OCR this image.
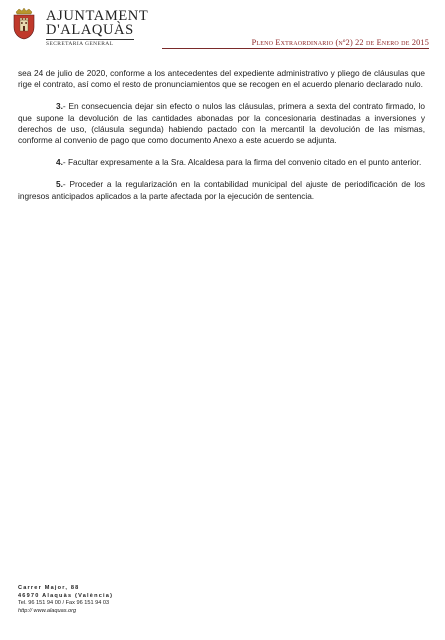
AJUNTAMENT
D'ALAQUÀS
SECRETARIA GENERAL	Pleno Extraordinario (nº2) 22 de Enero de 2015

sea 24 de julio de 2020, conforme a los antecedentes del expediente administrativo y pliego de cláusulas que rige el contrato, así como el resto de pronunciamientos que se recogen en el acuerdo plenario declarado nulo.

3.- En consecuencia dejar sin efecto o nulos las cláusulas, primera a sexta del contrato firmado, lo que supone la devolución de las cantidades abonadas por la concesionaria destinadas a inversiones y derechos de uso, (cláusula segunda) habiendo pactado con la mercantil la devolución de las mismas, conforme al convenio de pago que como documento Anexo a este acuerdo se adjunta.

4.- Facultar expresamente a la Sra. Alcaldesa para la firma del convenio citado en el punto anterior.

5.- Proceder a la regularización en la contabilidad municipal del ajuste de periodificación de los ingresos anticipados aplicados a la parte afectada por la ejecución de sentencia.

Carrer Major, 88
46970 Alaquàs (València)
Tel. 96 151 94 00 / Fax 96 151 94 03
http:// www.alaquas.org
